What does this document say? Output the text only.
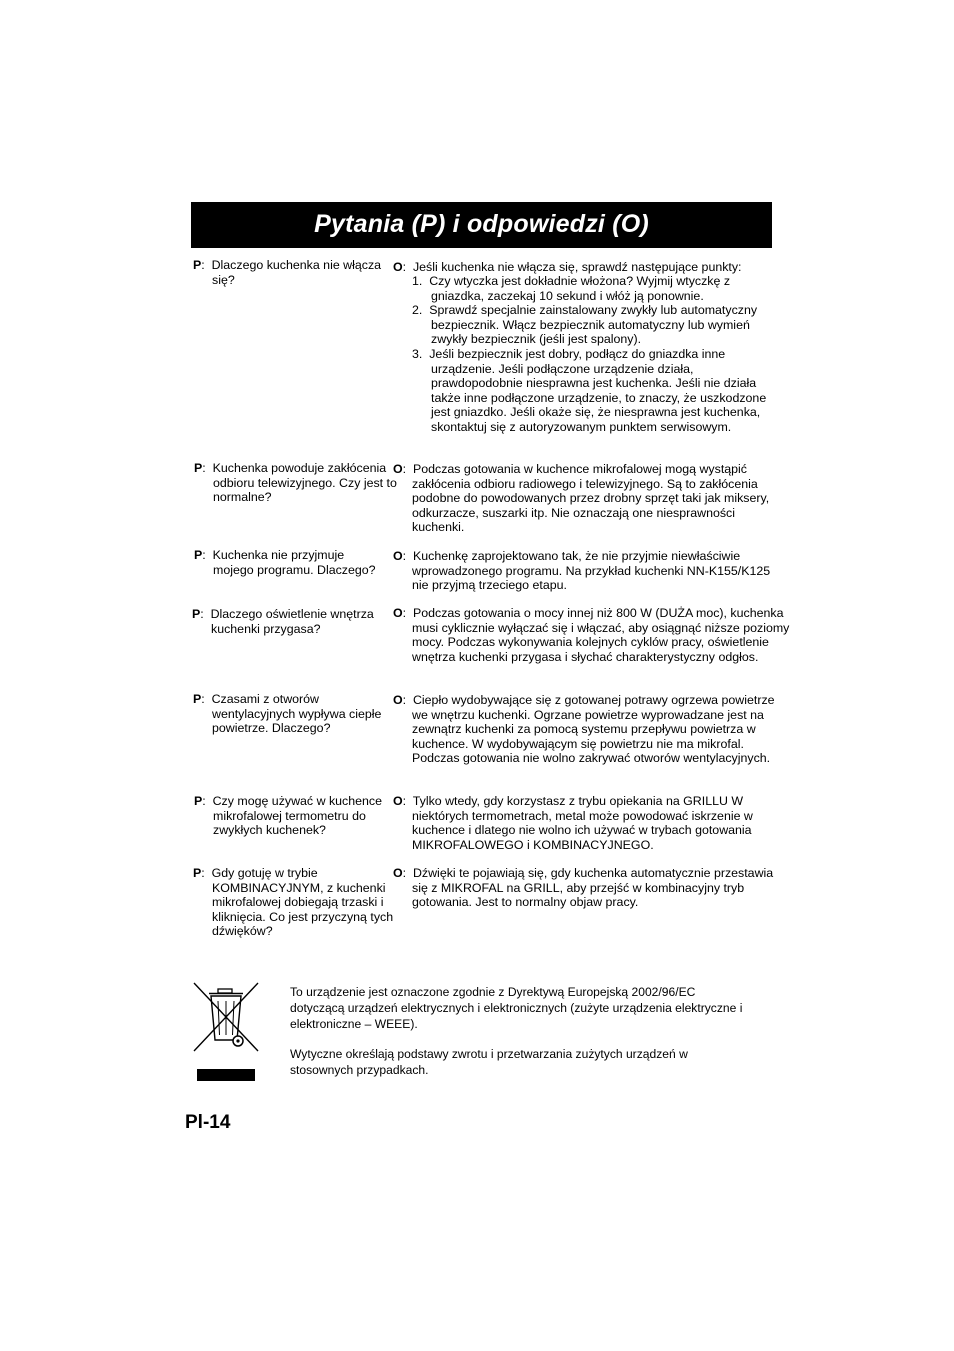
Pytania (P) i odpowiedzi (O)
P:  Dlaczego kuchenka nie włącza się?
O:  Jeśli kuchenka nie włącza się, sprawdź następujące punkty:
1. Czy wtyczka jest dokładnie włożona? Wyjmij wtyczkę z gniazdka, zaczekaj 10 sekund i włóż ją ponownie.
2. Sprawdź specjalnie zainstalowany zwykły lub automatyczny bezpiecznik. Włącz bezpiecznik automatyczny lub wymień zwykły bezpiecznik (jeśli jest spalony).
3. Jeśli bezpiecznik jest dobry, podłącz do gniazdka inne urządzenie. Jeśli podłączone urządzenie działa, prawdopodobnie niesprawna jest kuchenka. Jeśli nie działa także inne podłączone urządzenie, to znaczy, że uszkodzone jest gniazdko. Jeśli okaże się, że niesprawna jest kuchenka, skontaktuj się z autoryzowanym punktem serwisowym.
P:  Kuchenka powoduje zakłócenia odbioru telewizyjnego. Czy jest to normalne?
O:  Podczas gotowania w kuchence mikrofalowej mogą wystąpić zakłócenia odbioru radiowego i telewizyjnego. Są to zakłócenia podobne do powodowanych przez drobny sprzęt taki jak miksery, odkurzacze, suszarki itp. Nie oznaczają one niesprawności kuchenki.
P:  Kuchenka nie przyjmuje mojego programu. Dlaczego?
O:  Kuchenkę zaprojektowano tak, że nie przyjmie niewłaściwie wprowadzonego programu. Na przykład kuchenki NN-K155/K125 nie przyjmą trzeciego etapu.
P:  Dlaczego oświetlenie wnętrza kuchenki przygasa?
O:  Podczas gotowania o mocy innej niż 800 W (DUŻA moc), kuchenka musi cyklicznie wyłączać się i włączać, aby osiągnąć niższe poziomy mocy. Podczas wykonywania kolejnych cyklów pracy, oświetlenie wnętrza kuchenki przygasa i słychać charakterystyczny odgłos.
P:  Czasami z otworów wentylacyjnych wypływa ciepłe powietrze. Dlaczego?
O:  Ciepło wydobywające się z gotowanej potrawy ogrzewa powietrze we wnętrzu kuchenki. Ogrzane powietrze wyprowadzane jest na zewnątrz kuchenki za pomocą systemu przepływu powietrza w kuchence. W wydobywającym się powietrzu nie ma mikrofal. Podczas gotowania nie wolno zakrywać otworów wentylacyjnych.
P:  Czy mogę używać w kuchence mikrofalowej termometru do zwykłych kuchenek?
O:  Tylko wtedy, gdy korzystasz z trybu opiekania na GRILLU W niektórych termometrach, metal może powodować iskrzenie w kuchence i dlatego nie wolno ich używać w trybach gotowania MIKROFALOWEGO i KOMBINACYJNEGO.
P:  Gdy gotuję w trybie KOMBINACYJNYM, z kuchenki mikrofalowej dobiegają trzaski i kliknięcia. Co jest przyczyną tych dźwięków?
O:  Dźwięki te pojawiają się, gdy kuchenka automatycznie przestawia się z MIKROFAL na GRILL, aby przejść w kombinacyjny tryb gotowania. Jest to normalny objaw pracy.

To urządzenie jest oznaczone zgodnie z Dyrektywą Europejską 2002/96/EC dotyczącą urządzeń elektrycznych i elektronicznych (zużyte urządzenia elektryczne i elektroniczne – WEEE).

Wytyczne określają podstawy zwrotu i przetwarzania zużytych urządzeń w stosownych przypadkach.

Pl-14
